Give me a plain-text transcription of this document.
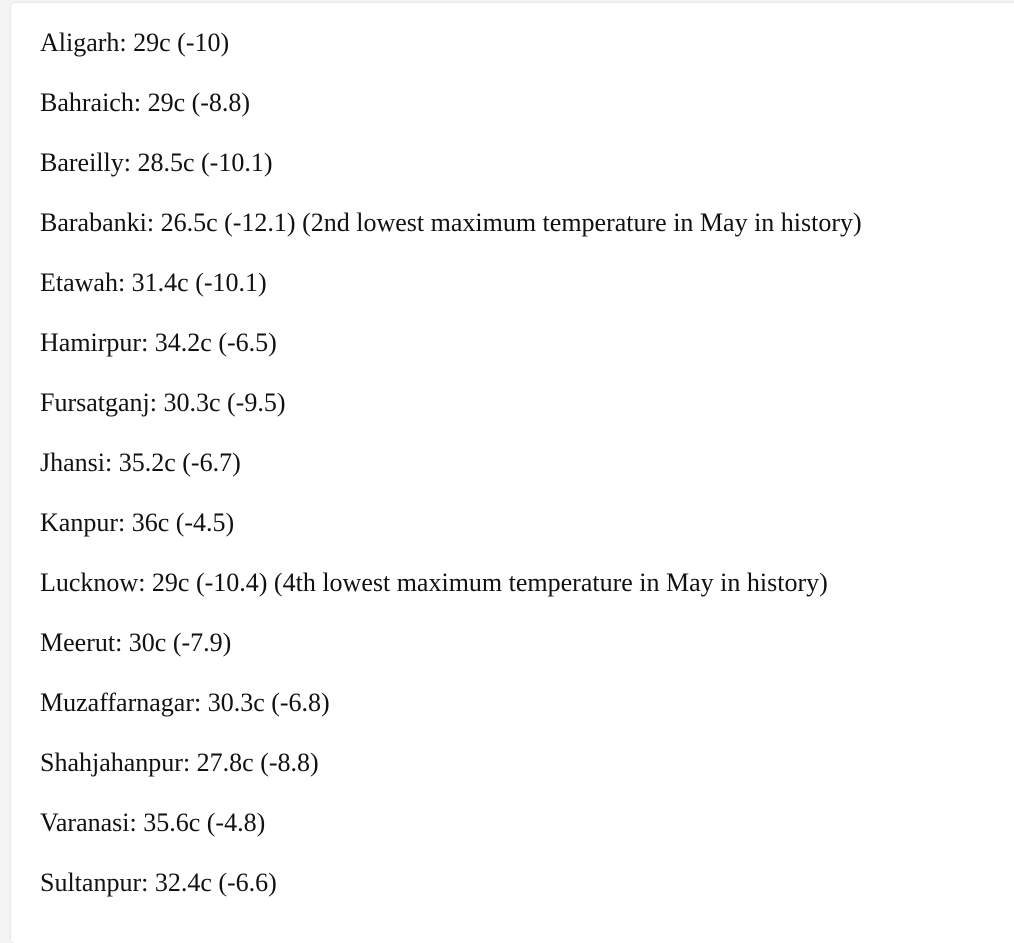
Aligarh: 29c (-10)
Bahraich: 29c (-8.8)
Bareilly: 28.5c (-10.1)
Barabanki: 26.5c (-12.1) (2nd lowest maximum temperature in May in history)
Etawah: 31.4c (-10.1)
Hamirpur: 34.2c (-6.5)
Fursatganj: 30.3c (-9.5)
Jhansi: 35.2c (-6.7)
Kanpur: 36c (-4.5)
Lucknow: 29c (-10.4) (4th lowest maximum temperature in May in history)
Meerut: 30c (-7.9)
Muzaffarnagar: 30.3c (-6.8)
Shahjahanpur: 27.8c (-8.8)
Varanasi: 35.6c (-4.8)
Sultanpur: 32.4c (-6.6)
